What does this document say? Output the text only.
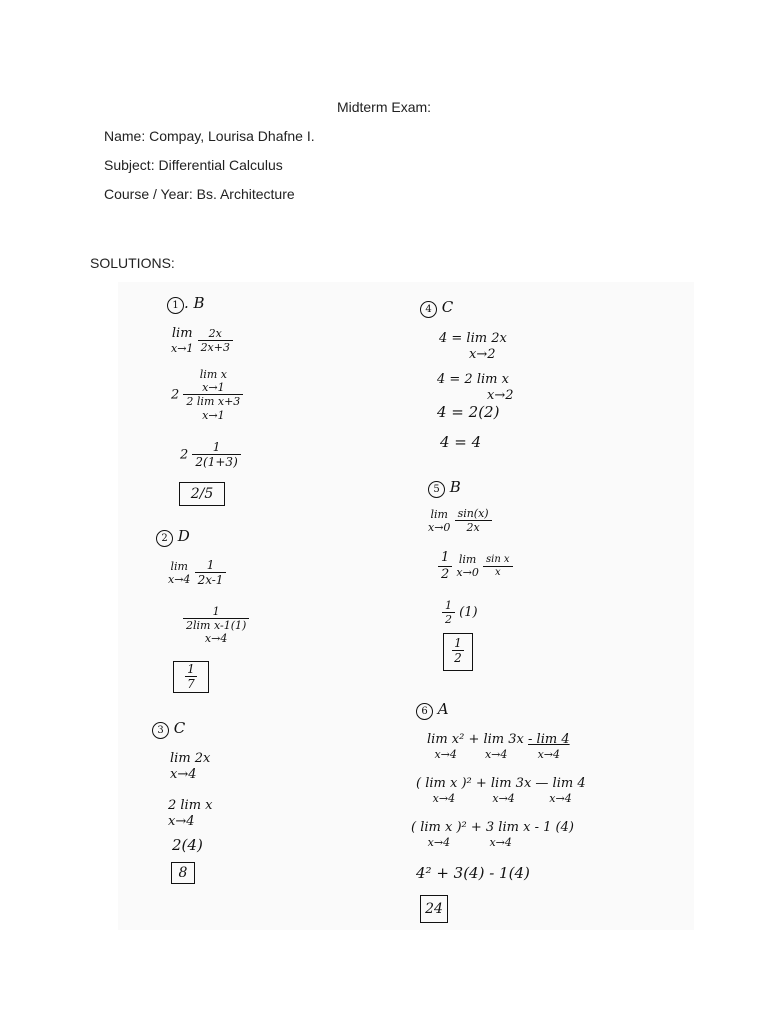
Midterm Exam:
Name: Compay, Lourisa Dhafne I.
Subject: Differential Calculus
Course / Year: Bs. Architecture
SOLUTIONS:
1 . B
lim
x→1
$\frac{2x}{2x+3}$
2 lim x
x→1
2 lim x+3
x→1
$2 \frac{1}{2(1+3)}$
2/5
2 D
lim
x→4
$\frac{1}{2x-1}$
1
2lim x-1(1)
x→4
$\frac{1}{7}$
3 C
lim 2x
x→4
2 lim x
x→4
2(4)
8
4 C
4 = lim 2x
x→2
4 = 2 lim x
x→2
4 = 2(2)
4 = 4
5 B
lim
x→0
$\frac{\sin(x)}{2x}$
$\frac{1}{2}$
lim
x→0
$\frac{\text{sin x}}{x}$
$\frac{1}{2} (1)$
$\frac{1}{2}$
6 A
lim x²
x→4

+ lim 3x
x→4

- lim 4
x→4
( lim x )²
x→4

+ lim 3x
x→4

— lim 4
x→4
( lim x )²
x→4

+ 3 lim x
x→4
- 1 (4)
4² + 3(4) - 1(4)
24
